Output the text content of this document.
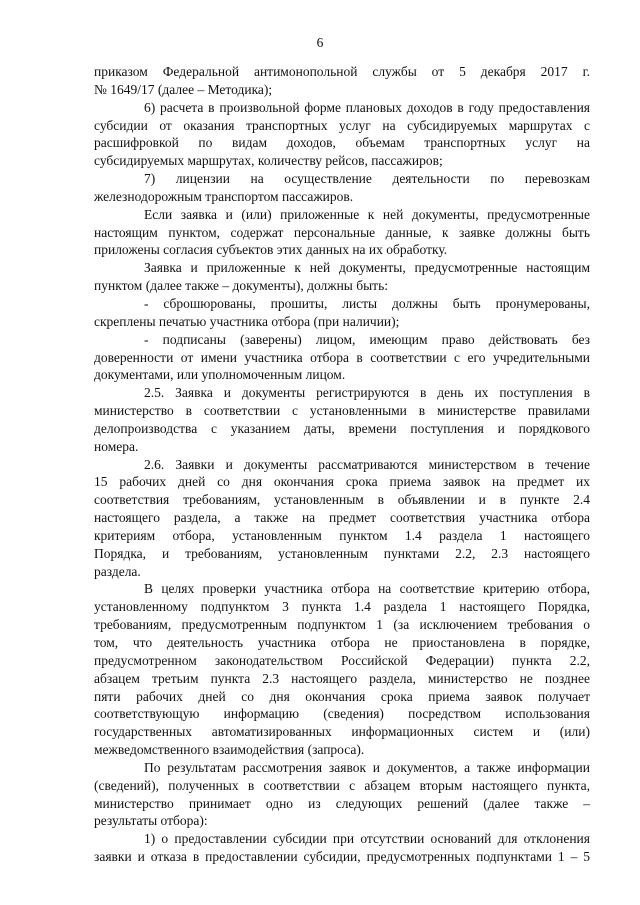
6
приказом Федеральной антимонопольной службы от 5 декабря 2017 г.
№ 1649/17 (далее – Методика);
6) расчета в произвольной форме плановых доходов в году предоставления
субсидии от оказания транспортных услуг на субсидируемых маршрутах с
расшифровкой по видам доходов, объемам транспортных услуг на
субсидируемых маршрутах, количеству рейсов, пассажиров;
7) лицензии на осуществление деятельности по перевозкам
железнодорожным транспортом пассажиров.
Если заявка и (или) приложенные к ней документы, предусмотренные
настоящим пунктом, содержат персональные данные, к заявке должны быть
приложены согласия субъектов этих данных на их обработку.
Заявка и приложенные к ней документы, предусмотренные настоящим
пунктом (далее также – документы), должны быть:
- сброшюрованы, прошиты, листы должны быть пронумерованы,
скреплены печатью участника отбора (при наличии);
- подписаны (заверены) лицом, имеющим право действовать без
доверенности от имени участника отбора в соответствии с его учредительными
документами, или уполномоченным лицом.
2.5. Заявка и документы регистрируются в день их поступления в
министерство в соответствии с установленными в министерстве правилами
делопроизводства с указанием даты, времени поступления и порядкового
номера.
2.6. Заявки и документы рассматриваются министерством в течение
15 рабочих дней со дня окончания срока приема заявок на предмет их
соответствия требованиям, установленным в объявлении и в пункте 2.4
настоящего раздела, а также на предмет соответствия участника отбора
критериям отбора, установленным пунктом 1.4 раздела 1 настоящего
Порядка, и требованиям, установленным пунктами 2.2, 2.3 настоящего
раздела.
В целях проверки участника отбора на соответствие критерию отбора,
установленному подпунктом 3 пункта 1.4 раздела 1 настоящего Порядка,
требованиям, предусмотренным подпунктом 1 (за исключением требования о
том, что деятельность участника отбора не приостановлена в порядке,
предусмотренном законодательством Российской Федерации) пункта 2.2,
абзацем третьим пункта 2.3 настоящего раздела, министерство не позднее
пяти рабочих дней со дня окончания срока приема заявок получает
соответствующую информацию (сведения) посредством использования
государственных автоматизированных информационных систем и (или)
межведомственного взаимодействия (запроса).
По результатам рассмотрения заявок и документов, а также информации
(сведений), полученных в соответствии с абзацем вторым настоящего пункта,
министерство принимает одно из следующих решений (далее также –
результаты отбора):
1) о предоставлении субсидии при отсутствии оснований для отклонения
заявки и отказа в предоставлении субсидии, предусмотренных подпунктами 1 – 5
